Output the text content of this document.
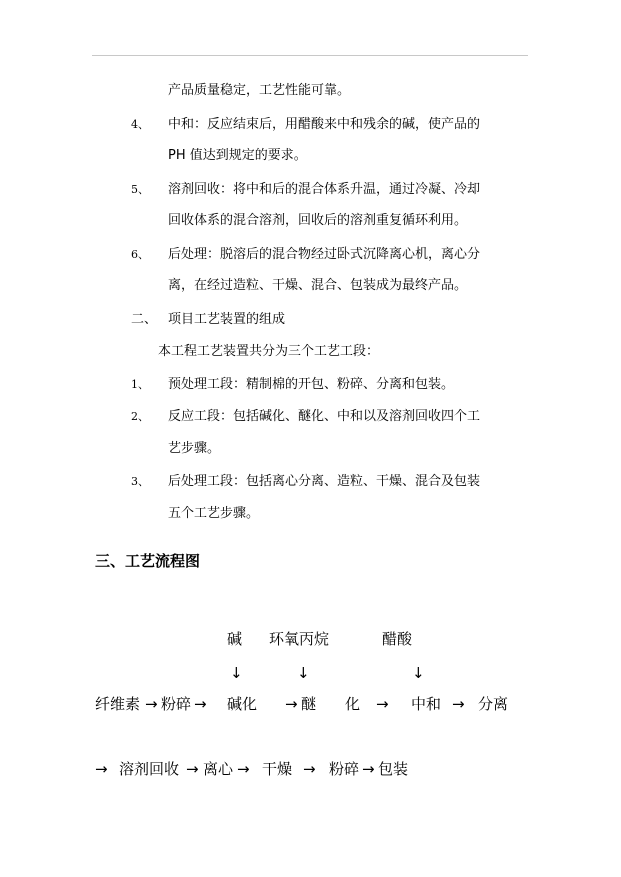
产品质量稳定，工艺性能可靠。
4、 中和：反应结束后，用醋酸来中和残余的碱，使产品的
PH 值达到规定的要求。
5、 溶剂回收：将中和后的混合体系升温，通过冷凝、冷却
回收体系的混合溶剂，回收后的溶剂重复循环利用。
6、 后处理：脱溶后的混合物经过卧式沉降离心机，离心分
离，在经过造粒、干燥、混合、包装成为最终产品。
二、 项目工艺装置的组成
本工程工艺装置共分为三个工艺工段：
1、 预处理工段：精制棉的开包、粉碎、分离和包装。
2、 反应工段：包括碱化、醚化、中和以及溶剂回收四个工
艺步骤。
3、 后处理工段：包括离心分离、造粒、干燥、混合及包装
五个工艺步骤。
三、工艺流程图
碱 环氧丙烷	醋酸
↓	↓	↓
纤维素 → 粉碎 → 碱化 → 醚 化 → 中和 → 分离
→ 溶剂回收 → 离心 → 干燥 → 粉碎 → 包装
